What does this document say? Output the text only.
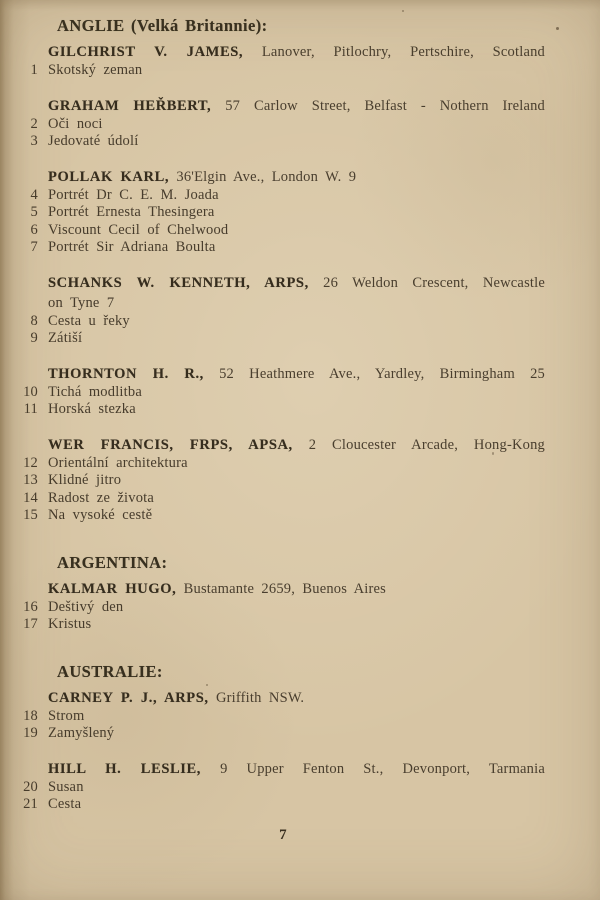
ANGLIE (Velká Britannie):

GILCHRIST V. JAMES, Lanover, Pitlochry, Pertschire, Scotland

1 Skotský zeman

GRAHAM HEŘBERT, 57 Carlow Street, Belfast - Nothern Ireland

2 Oči noci
3 Jedovaté údolí

POLLAK KARL, 36'Elgin Ave., London W. 9

4 Portrét Dr C. E. M. Joada
5 Portrét Ernesta Thesingera
6 Viscount Cecil of Chelwood
7 Portrét Sir Adriana Boulta

SCHANKS W. KENNETH, ARPS, 26 Weldon Crescent, Newcastle

on Tyne 7

8 Cesta u řeky
9 Zátiší

THORNTON H. R., 52 Heathmere Ave., Yardley, Birmingham 25

10 Tichá modlitba
11 Horská stezka

WER FRANCIS, FRPS, APSA, 2 Cloucester Arcade, Hong-Kong

12 Orientální architektura
13 Klidné jitro
14 Radost ze života
15 Na vysoké cestě
ARGENTINA:

KALMAR HUGO, Bustamante 2659, Buenos Aires

16 Deštivý den
17 Kristus
AUSTRALIE:

CARNEY P. J., ARPS, Griffith NSW.

18 Strom
19 Zamyšlený

HILL H. LESLIE, 9 Upper Fenton St., Devonport, Tarmania

20 Susan
21 Cesta
7
